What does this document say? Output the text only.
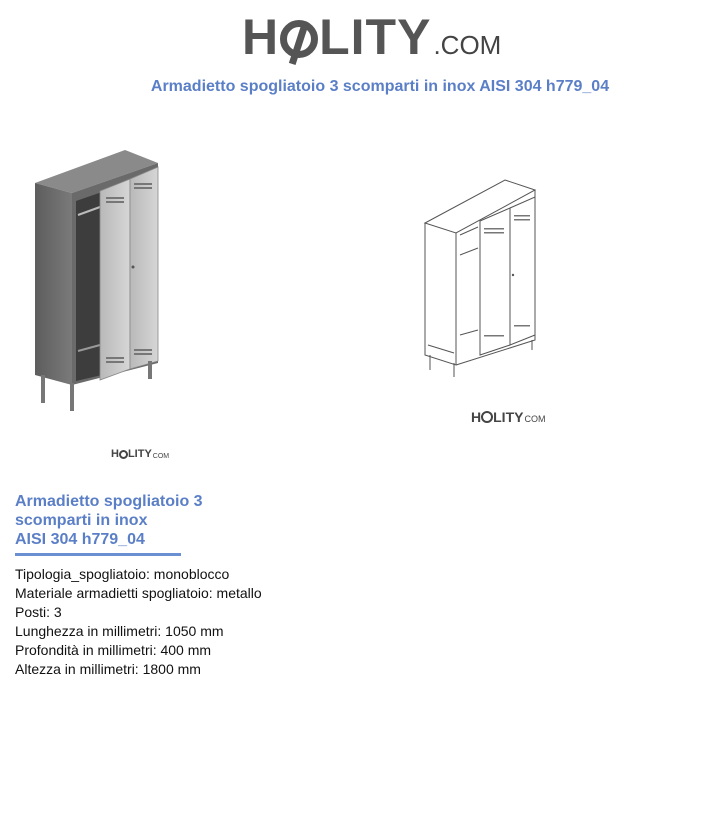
H LITY .COM
Armadietto spogliatoio 3 scomparti in inox AISI 304 h779_04
H LITY COM
H LITY COM
Armadietto spogliatoio 3
scomparti in inox
AISI 304 h779_04
Tipologia_spogliatoio: monoblocco
Materiale armadietti spogliatoio: metallo
Posti: 3
Lunghezza in millimetri: 1050 mm
Profondità in millimetri: 400 mm
Altezza in millimetri: 1800 mm
